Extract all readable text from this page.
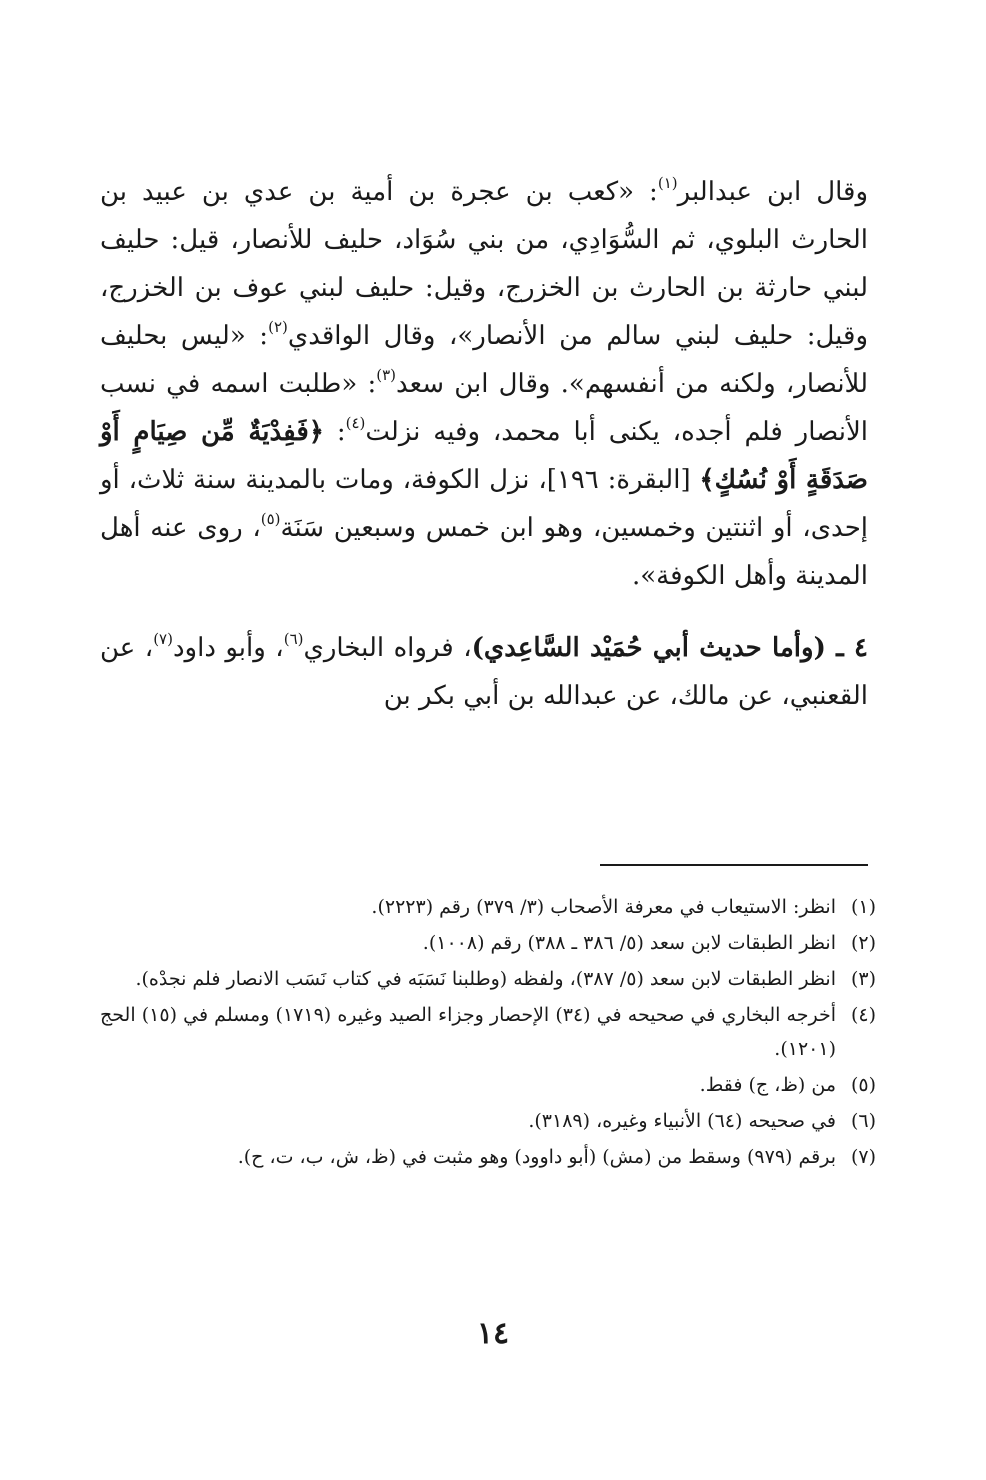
وقال ابن عبدالبر$^{(١)}$: «كعب بن عجرة بن أمية بن عدي بن عبيد بن الحارث البلوي، ثم السُّوَادِي، من بني سُوَاد، حليف للأنصار، قيل: حليف لبني حارثة بن الحارث بن الخزرج، وقيل: حليف لبني عوف بن الخزرج، وقيل: حليف لبني سالم من الأنصار»، وقال الواقدي$^{(٢)}$: «ليس بحليف للأنصار، ولكنه من أنفسهم». وقال ابن سعد$^{(٣)}$: «طلبت اسمه في نسب الأنصار فلم أجده، يكنى أبا محمد، وفيه نزلت$^{(٤)}$: ﴿فَفِدْيَةٌ مِّن صِيَامٍ أَوْ صَدَقَةٍ أَوْ نُسُكٍ﴾ [البقرة: ١٩٦]، نزل الكوفة، ومات بالمدينة سنة ثلاث، أو إحدى، أو اثنتين وخمسين، وهو ابن خمس وسبعين سَنَة$^{(٥)}$، روى عنه أهل المدينة وأهل الكوفة».

٤ ـ (وأما حديث أبي حُمَيْد السَّاعِدي)، فرواه البخاري$^{(٦)}$، وأبو داود$^{(٧)}$، عن القعنبي، عن مالك، عن عبدالله بن أبي بكر بن

(١)
انظر: الاستيعاب في معرفة الأصحاب (٣/ ٣٧٩) رقم (٢٢٢٣).
(٢)
انظر الطبقات لابن سعد (٥/ ٣٨٦ ـ ٣٨٨) رقم (١٠٠٨).
(٣)
انظر الطبقات لابن سعد (٥/ ٣٨٧)، ولفظه (وطلبنا نَسَبَه في كتاب نَسَب الانصار فلم نجدْه).
(٤)
أخرجه البخاري في صحيحه في (٣٤) الإحصار وجزاء الصيد وغيره (١٧١٩) ومسلم في (١٥) الحج (١٢٠١).
(٥)
من (ظ، ج) فقط.
(٦)
في صحيحه (٦٤) الأنبياء وغيره، (٣١٨٩).
(٧)
برقم (٩٧٩) وسقط من (مش) (أبو داوود) وهو مثبت في (ظ، ش، ب، ت، ح).
١٤
